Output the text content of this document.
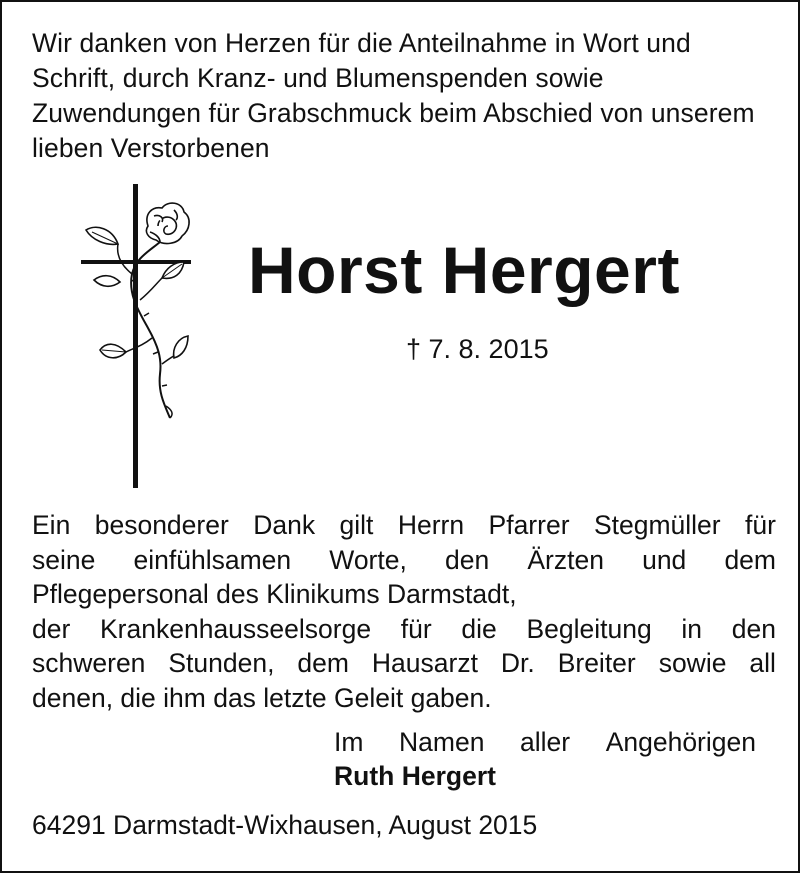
Wir danken von Herzen für die Anteilnahme in Wort und Schrift, durch Kranz- und Blumenspenden sowie Zuwendungen für Grabschmuck beim Abschied von unserem lieben Verstorbenen

Horst Hergert
† 7. 8. 2015
Ein besonderer Dank gilt Herrn Pfarrer Stegmüller für
seine einfühlsamen Worte, den Ärzten und dem
Pflegepersonal des Klinikums Darmstadt,
der Krankenhausseelsorge für die Begleitung in den
schweren Stunden, dem Hausarzt Dr. Breiter sowie all
denen, die ihm das letzte Geleit gaben.
Im Namen aller Angehörigen
Ruth Hergert
64291 Darmstadt-Wixhausen, August 2015
